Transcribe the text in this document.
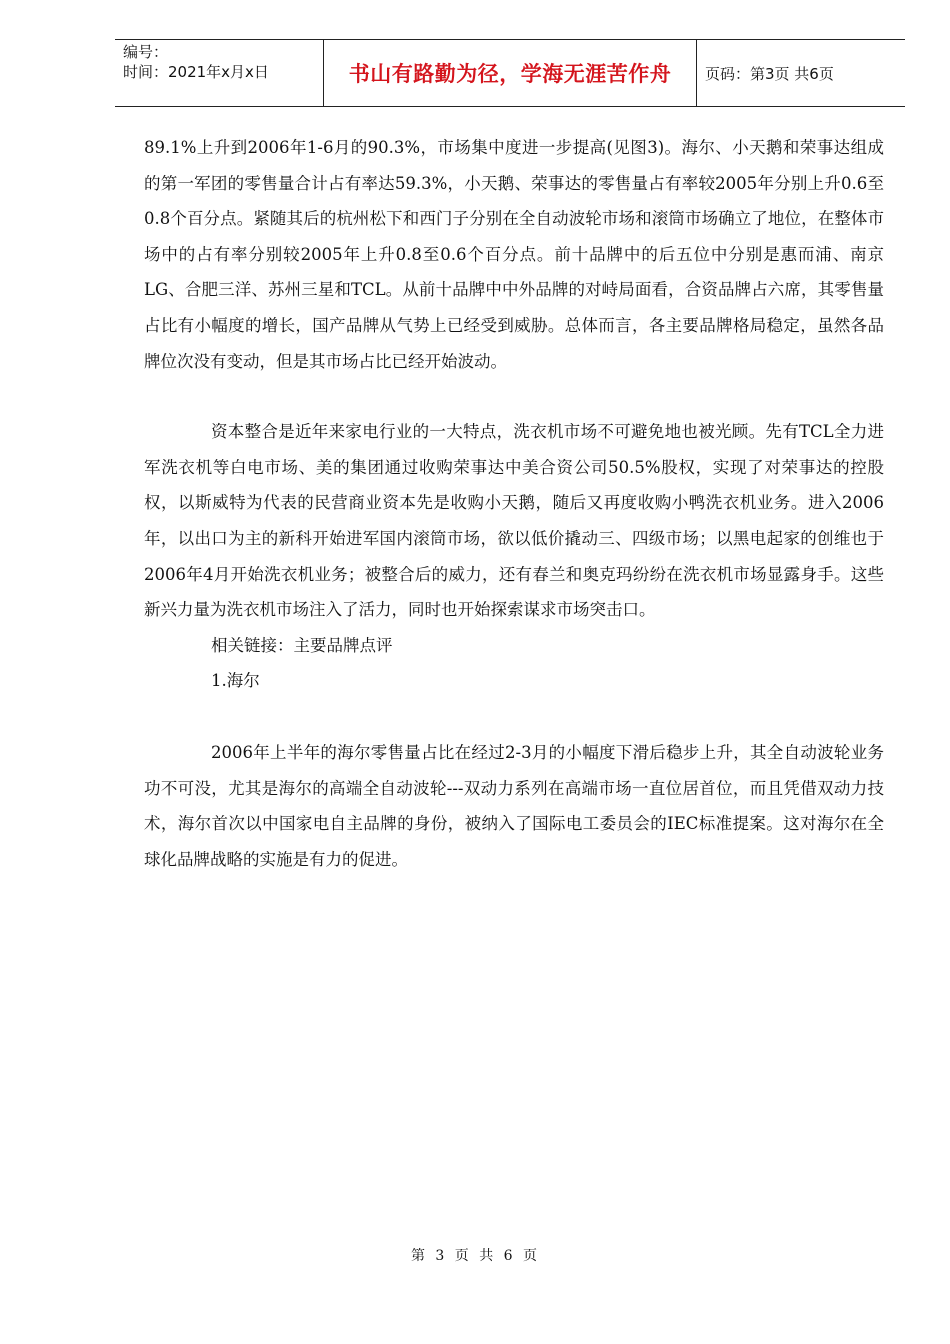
编号：
时间：2021年x月x日	书山有路勤为径，学海无涯苦作舟	页码：第3页 共6页

89.1%上升到2006年1-6月的90.3%，市场集中度进一步提高(见图3)。海尔、小天鹅和荣事达组成的第一军团的零售量合计占有率达59.3%，小天鹅、荣事达的零售量占有率较2005年分别上升0.6至0.8个百分点。紧随其后的杭州松下和西门子分别在全自动波轮市场和滚筒市场确立了地位，在整体市场中的占有率分别较2005年上升0.8至0.6个百分点。前十品牌中的后五位中分别是惠而浦、南京LG、合肥三洋、苏州三星和TCL。从前十品牌中中外品牌的对峙局面看，合资品牌占六席，其零售量占比有小幅度的增长，国产品牌从气势上已经受到威胁。总体而言，各主要品牌格局稳定，虽然各品牌位次没有变动，但是其市场占比已经开始波动。

资本整合是近年来家电行业的一大特点，洗衣机市场不可避免地也被光顾。先有TCL全力进军洗衣机等白电市场、美的集团通过收购荣事达中美合资公司50.5%股权，实现了对荣事达的控股权，以斯威特为代表的民营商业资本先是收购小天鹅，随后又再度收购小鸭洗衣机业务。进入2006年，以出口为主的新科开始进军国内滚筒市场，欲以低价撬动三、四级市场；以黑电起家的创维也于2006年4月开始洗衣机业务；被整合后的威力，还有春兰和奥克玛纷纷在洗衣机市场显露身手。这些新兴力量为洗衣机市场注入了活力，同时也开始探索谋求市场突击口。

相关链接：主要品牌点评

1.海尔

2006年上半年的海尔零售量占比在经过2-3月的小幅度下滑后稳步上升，其全自动波轮业务功不可没，尤其是海尔的高端全自动波轮---双动力系列在高端市场一直位居首位，而且凭借双动力技术，海尔首次以中国家电自主品牌的身份，被纳入了国际电工委员会的IEC标准提案。这对海尔在全球化品牌战略的实施是有力的促进。

第 3 页 共 6 页
